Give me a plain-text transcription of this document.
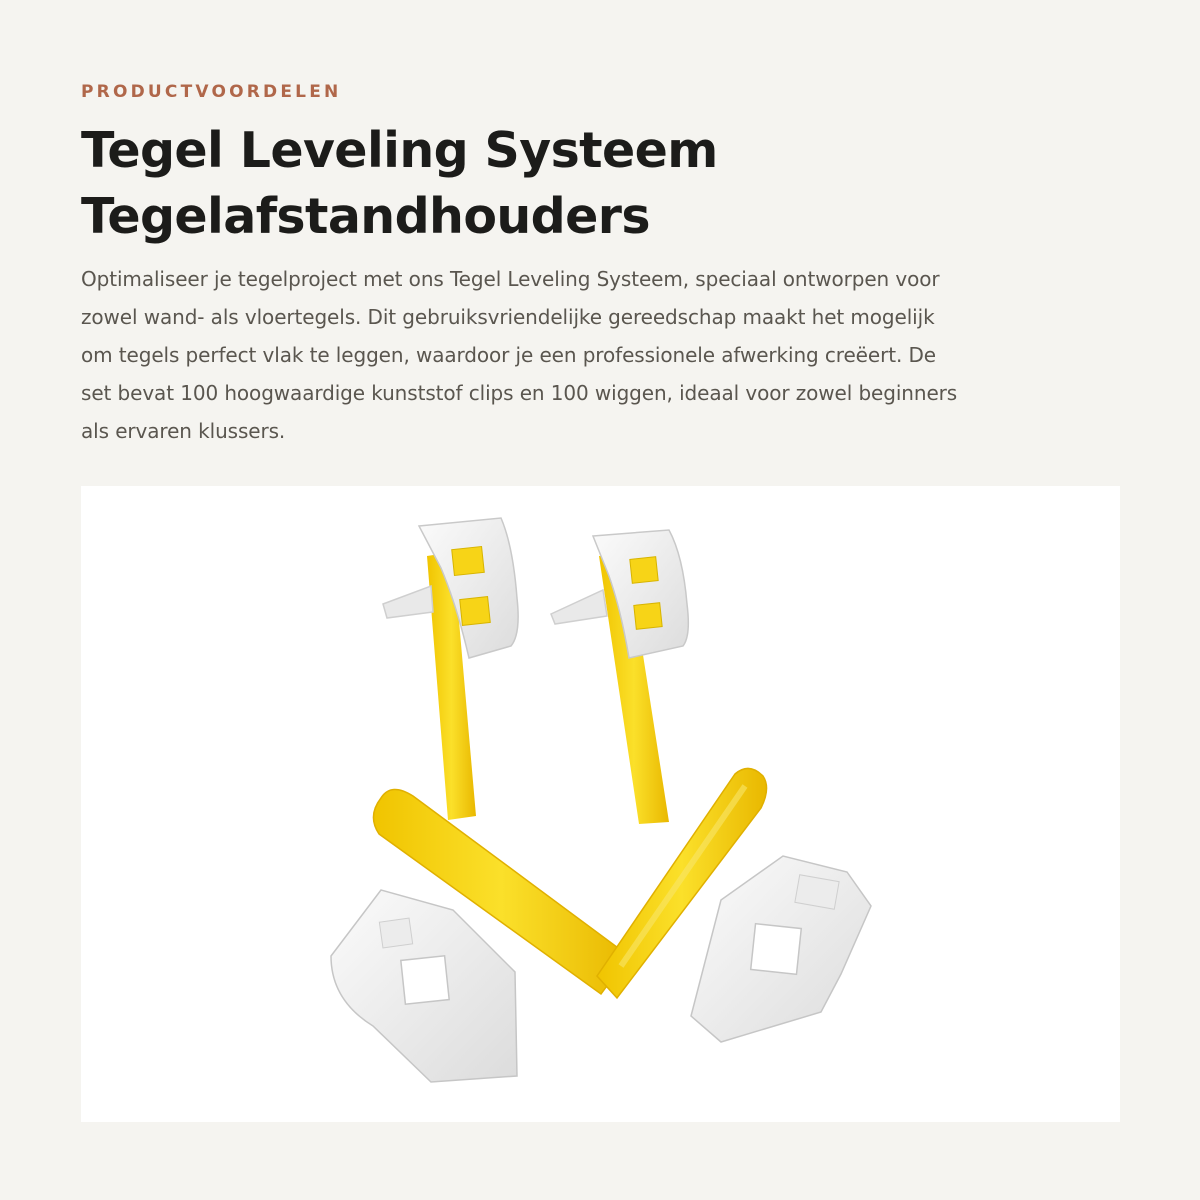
PRODUCTVOORDELEN
Tegel Leveling Systeem
Tegelafstandhouders

Optimaliseer je tegelproject met ons Tegel Leveling Systeem, speciaal ontworpen voor
zowel wand- als vloertegels. Dit gebruiksvriendelijke gereedschap maakt het mogelijk
om tegels perfect vlak te leggen, waardoor je een professionele afwerking creëert. De
set bevat 100 hoogwaardige kunststof clips en 100 wiggen, ideaal voor zowel beginners
als ervaren klussers.
